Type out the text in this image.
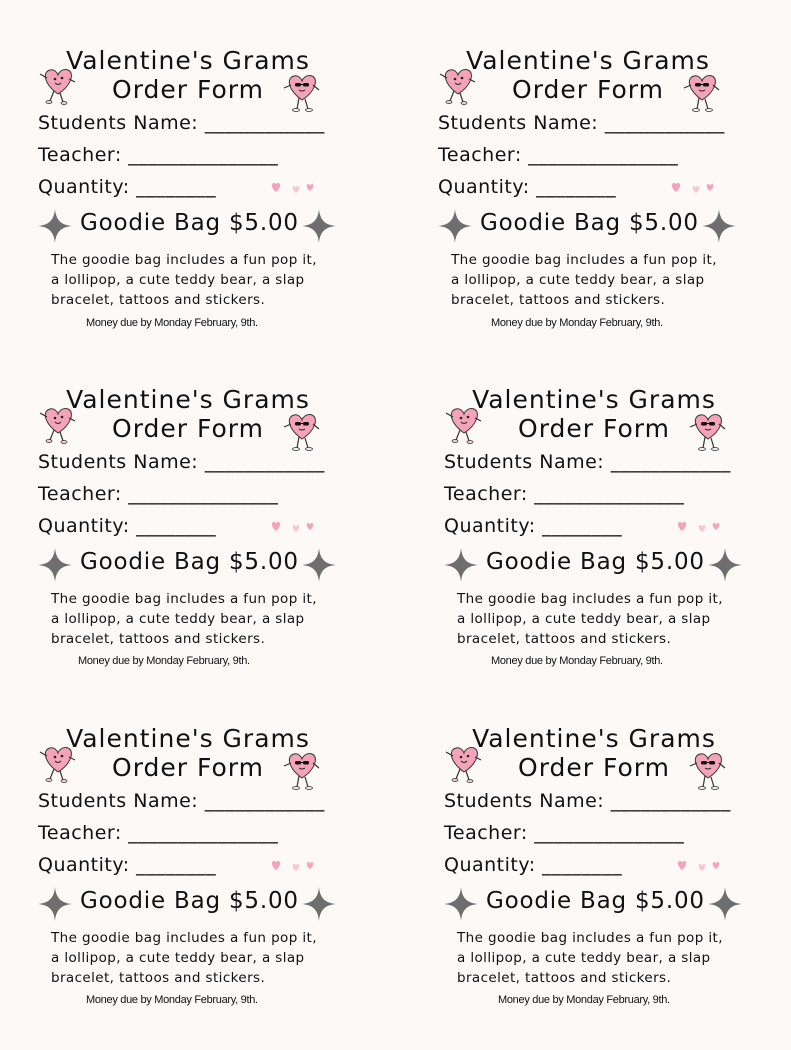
Valentine's Grams
Order Form
Students Name: ____________
Teacher: _______________
Quantity: ________
Goodie Bag $5.00
The goodie bag includes a fun pop it,
a lollipop, a cute teddy bear, a slap
bracelet, tattoos and stickers.
Money due by Monday February, 9th.
Valentine's Grams
Order Form
Students Name: ____________
Teacher: _______________
Quantity: ________
Goodie Bag $5.00
The goodie bag includes a fun pop it,
a lollipop, a cute teddy bear, a slap
bracelet, tattoos and stickers.
Money due by Monday February, 9th.
Valentine's Grams
Order Form
Students Name: ____________
Teacher: _______________
Quantity: ________
Goodie Bag $5.00
The goodie bag includes a fun pop it,
a lollipop, a cute teddy bear, a slap
bracelet, tattoos and stickers.
Money due by Monday February, 9th.
Valentine's Grams
Order Form
Students Name: ____________
Teacher: _______________
Quantity: ________
Goodie Bag $5.00
The goodie bag includes a fun pop it,
a lollipop, a cute teddy bear, a slap
bracelet, tattoos and stickers.
Money due by Monday February, 9th.
Valentine's Grams
Order Form
Students Name: ____________
Teacher: _______________
Quantity: ________
Goodie Bag $5.00
The goodie bag includes a fun pop it,
a lollipop, a cute teddy bear, a slap
bracelet, tattoos and stickers.
Money due by Monday February, 9th.
Valentine's Grams
Order Form
Students Name: ____________
Teacher: _______________
Quantity: ________
Goodie Bag $5.00
The goodie bag includes a fun pop it,
a lollipop, a cute teddy bear, a slap
bracelet, tattoos and stickers.
Money due by Monday February, 9th.
